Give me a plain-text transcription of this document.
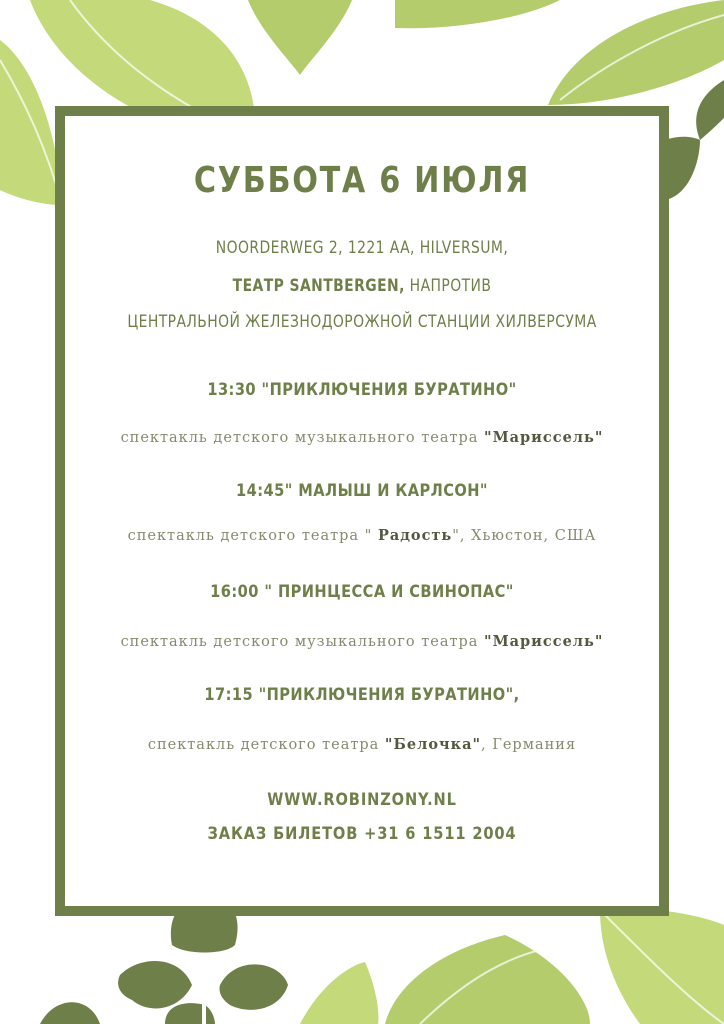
СУББОТА 6 ИЮЛЯ
NOORDERWEG 2, 1221 AA, HILVERSUM,
ТЕАТР SANTBERGEN, НАПРОТИВ
ЦЕНТРАЛЬНОЙ ЖЕЛЕЗНОДОРОЖНОЙ СТАНЦИИ ХИЛВЕРСУМА
13:30 "ПРИКЛЮЧЕНИЯ БУРАТИНО"
спектакль детского музыкального театра "Мариссель"
14:45" МАЛЫШ И КАРЛСОН"
спектакль детского театра " Радость", Хьюстон, США
16:00 " ПРИНЦЕССА И СВИНОПАС"
спектакль детского музыкального театра "Мариссель"
17:15 "ПРИКЛЮЧЕНИЯ БУРАТИНО",
спектакль детского театра "Белочка", Германия
WWW.ROBINZONY.NL
ЗАКАЗ БИЛЕТОВ +31 6 1511 2004
